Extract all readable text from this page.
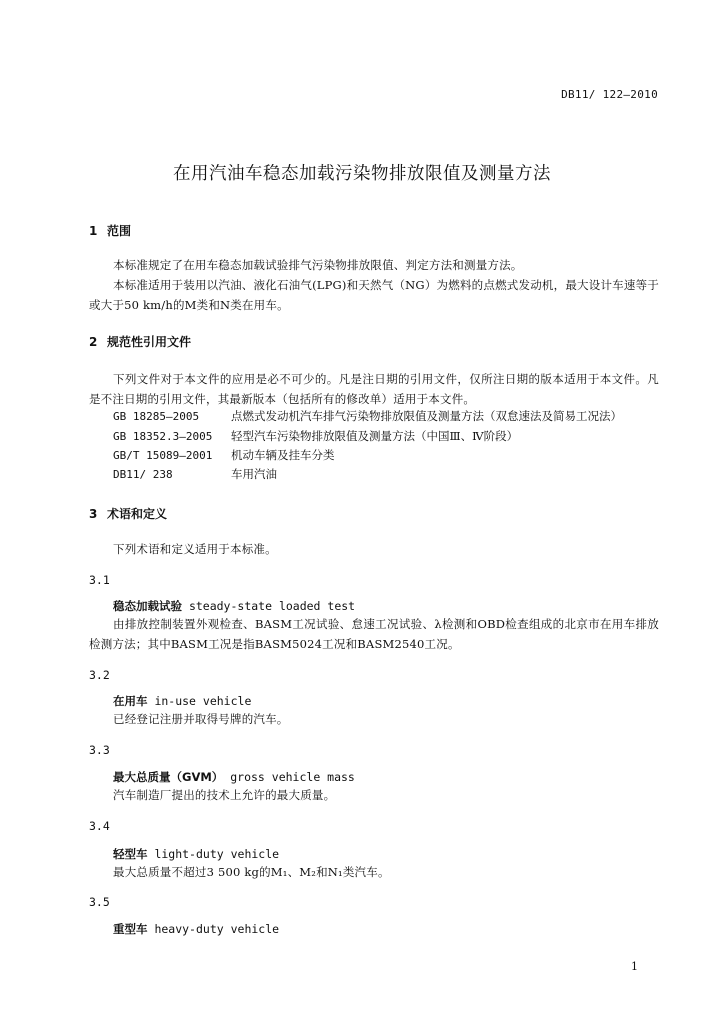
DB11/ 122—2010
在用汽油车稳态加载污染物排放限值及测量方法
1 范围

本标准规定了在用车稳态加载试验排气污染物排放限值、判定方法和测量方法。

本标准适用于装用以汽油、液化石油气(LPG)和天然气（NG）为燃料的点燃式发动机，最大设计车速等于或大于50 km/h的M类和N类在用车。

2 规范性引用文件

下列文件对于本文件的应用是必不可少的。凡是注日期的引用文件，仅所注日期的版本适用于本文件。凡是不注日期的引用文件，其最新版本（包括所有的修改单）适用于本文件。

GB 18285—2005	点燃式发动机汽车排气污染物排放限值及测量方法（双怠速法及简易工况法）
GB 18352.3—2005 轻型汽车污染物排放限值及测量方法（中国Ⅲ、Ⅳ阶段）
GB/T 15089—2001 机动车辆及挂车分类
DB11/ 238	车用汽油
3 术语和定义

下列术语和定义适用于本标准。

3.1
稳态加载试验 steady-state loaded test

由排放控制装置外观检查、BASM工况试验、怠速工况试验、λ检测和OBD检查组成的北京市在用车排放检测方法；其中BASM工况是指BASM5024工况和BASM2540工况。

3.2
在用车 in-use vehicle

已经登记注册并取得号牌的汽车。

3.3
最大总质量（GVM） gross vehicle mass

汽车制造厂提出的技术上允许的最大质量。

3.4
轻型车 light-duty vehicle

最大总质量不超过3 500 kg的M₁、M₂和N₁类汽车。

3.5
重型车 heavy-duty vehicle
1
